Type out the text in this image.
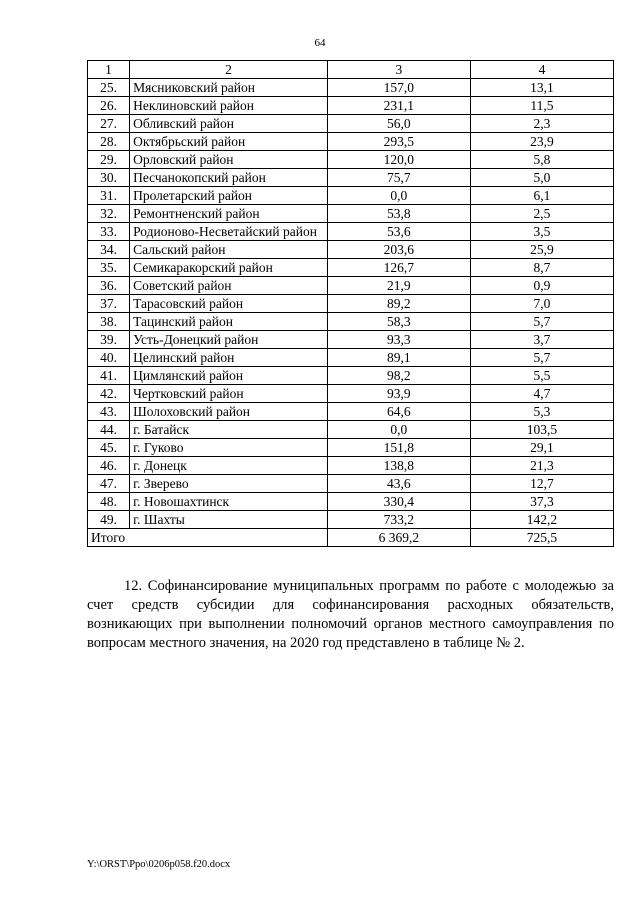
64
1	2	3	4
25.	Мясниковский район	157,0	13,1
26.	Неклиновский район	231,1	11,5
27.	Обливский район	56,0	2,3
28.	Октябрьский район	293,5	23,9
29.	Орловский район	120,0	5,8
30.	Песчанокопский район	75,7	5,0
31.	Пролетарский район	0,0	6,1
32.	Ремонтненский район	53,8	2,5
33.	Родионово-Несветайский район	53,6	3,5
34.	Сальский район	203,6	25,9
35.	Семикаракорский район	126,7	8,7
36.	Советский район	21,9	0,9
37.	Тарасовский район	89,2	7,0
38.	Тацинский район	58,3	5,7
39.	Усть-Донецкий район	93,3	3,7
40.	Целинский район	89,1	5,7
41.	Цимлянский район	98,2	5,5
42.	Чертковский район	93,9	4,7
43.	Шолоховский район	64,6	5,3
44.	г. Батайск	0,0	103,5
45.	г. Гуково	151,8	29,1
46.	г. Донецк	138,8	21,3
47.	г. Зверево	43,6	12,7
48.	г. Новошахтинск	330,4	37,3
49.	г. Шахты	733,2	142,2
Итого		6 369,2	725,5

12. Софинансирование муниципальных программ по работе с молодежью за счет средств субсидии для софинансирования расходных обязательств, возникающих при выполнении полномочий органов местного самоуправления по вопросам местного значения, на 2020 год представлено в таблице № 2.

Y:\ORST\Ppo\0206p058.f20.docx
